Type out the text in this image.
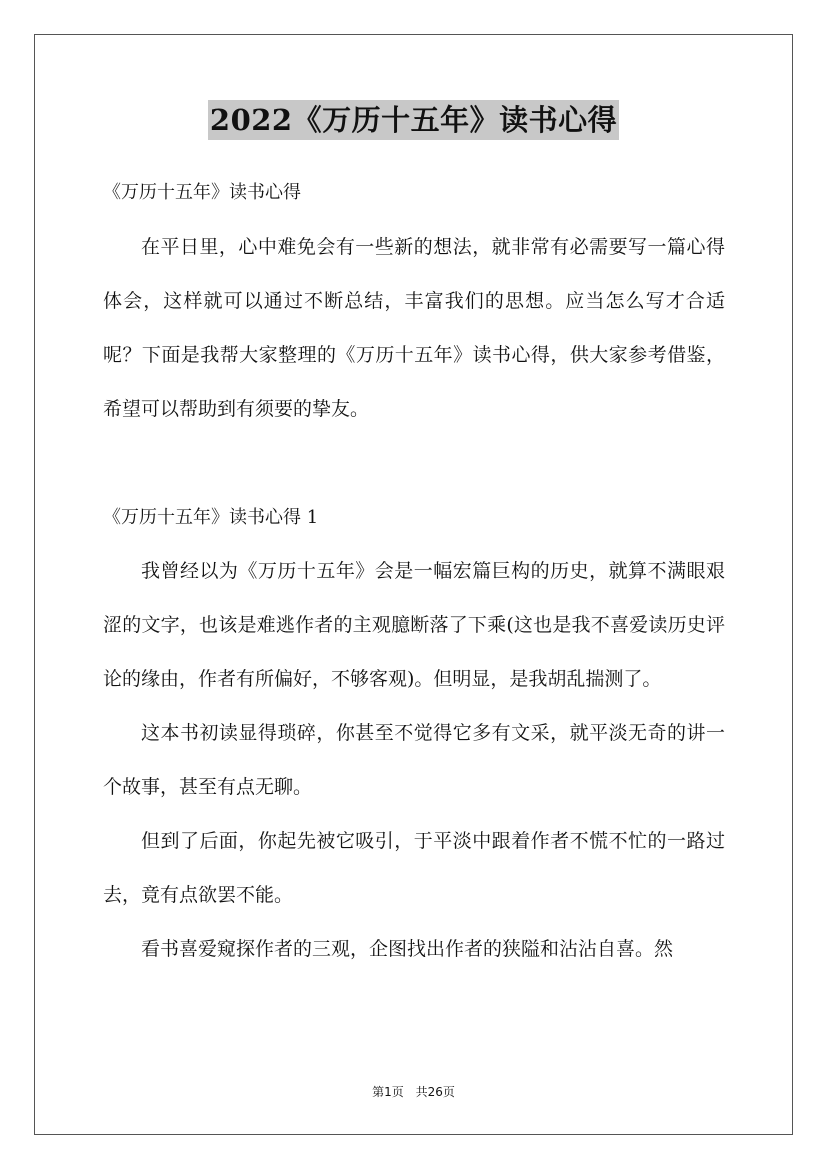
2022《万历十五年》读书心得
《万历十五年》读书心得
在平日里，心中难免会有一些新的想法，就非常有必需要写一篇心得体会，这样就可以通过不断总结，丰富我们的思想。应当怎么写才合适呢？下面是我帮大家整理的《万历十五年》读书心得，供大家参考借鉴，希望可以帮助到有须要的挚友。
《万历十五年》读书心得 1
我曾经以为《万历十五年》会是一幅宏篇巨构的历史，就算不满眼艰涩的文字，也该是难逃作者的主观臆断落了下乘(这也是我不喜爱读历史评论的缘由，作者有所偏好，不够客观)。但明显，是我胡乱揣测了。
这本书初读显得琐碎，你甚至不觉得它多有文采，就平淡无奇的讲一个故事，甚至有点无聊。
但到了后面，你起先被它吸引，于平淡中跟着作者不慌不忙的一路过去，竟有点欲罢不能。
看书喜爱窥探作者的三观，企图找出作者的狭隘和沾沾自喜。然
第1页 共26页
